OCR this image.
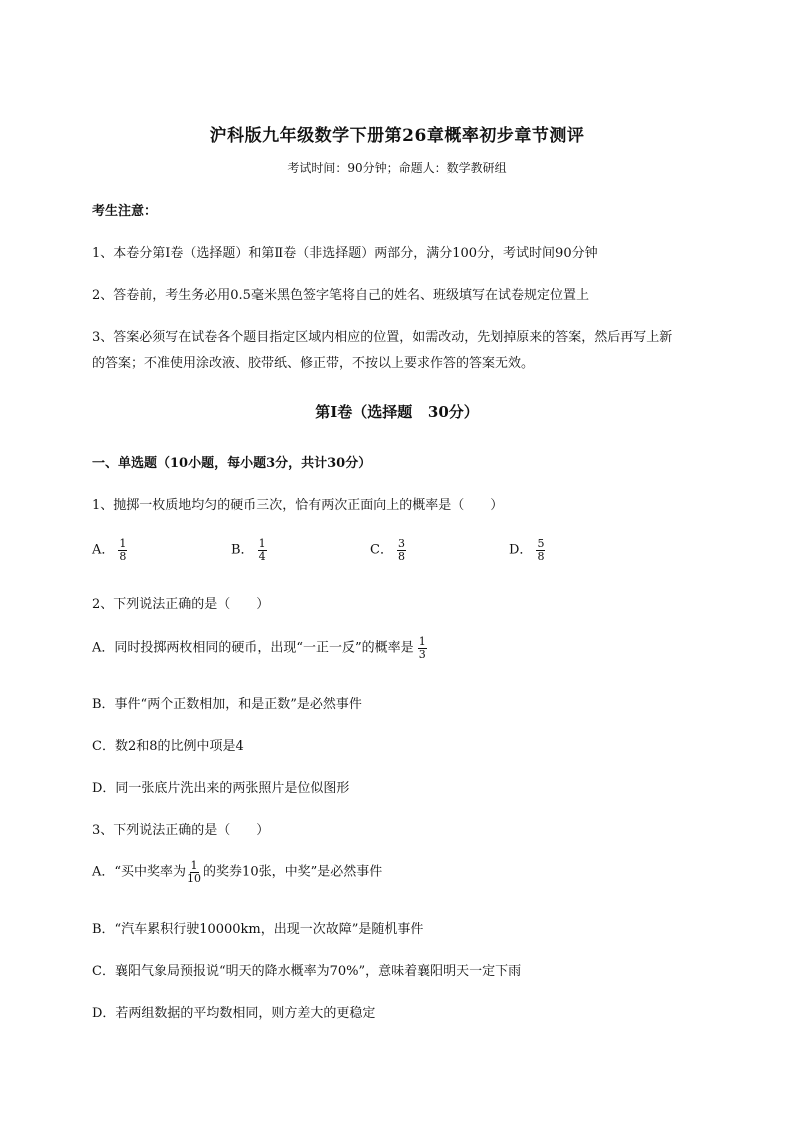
沪科版九年级数学下册第26章概率初步章节测评
考试时间：90分钟；命题人：数学教研组
考生注意：
1、本卷分第I卷（选择题）和第Ⅱ卷（非选择题）两部分，满分100分，考试时间90分钟
2、答卷前，考生务必用0.5毫米黑色签字笔将自己的姓名、班级填写在试卷规定位置上
3、答案必须写在试卷各个题目指定区域内相应的位置，如需改动，先划掉原来的答案，然后再写上新
的答案；不准使用涂改液、胶带纸、修正带，不按以上要求作答的答案无效。
第I卷（选择题   30分）
一、单选题（10小题，每小题3分，共计30分）
1、抛掷一枚质地均匀的硬币三次，恰有两次正面向上的概率是（　　）
A． $\frac{1}{8}$	B． $\frac{1}{4}$	C． $\frac{3}{8}$	D． $\frac{5}{8}$
2、下列说法正确的是（　　）
A．同时投掷两枚相同的硬币，出现“一正一反”的概率是 $\frac{1}{3}$
B．事件“两个正数相加，和是正数”是必然事件
C．数2和8的比例中项是4
D．同一张底片洗出来的两张照片是位似图形
3、下列说法正确的是（　　）
A．“买中奖率为 $\frac{1}{10}$ 的奖券10张，中奖”是必然事件
B．“汽车累积行驶10000km，出现一次故障”是随机事件
C．襄阳气象局预报说“明天的降水概率为70%”，意味着襄阳明天一定下雨
D．若两组数据的平均数相同，则方差大的更稳定
